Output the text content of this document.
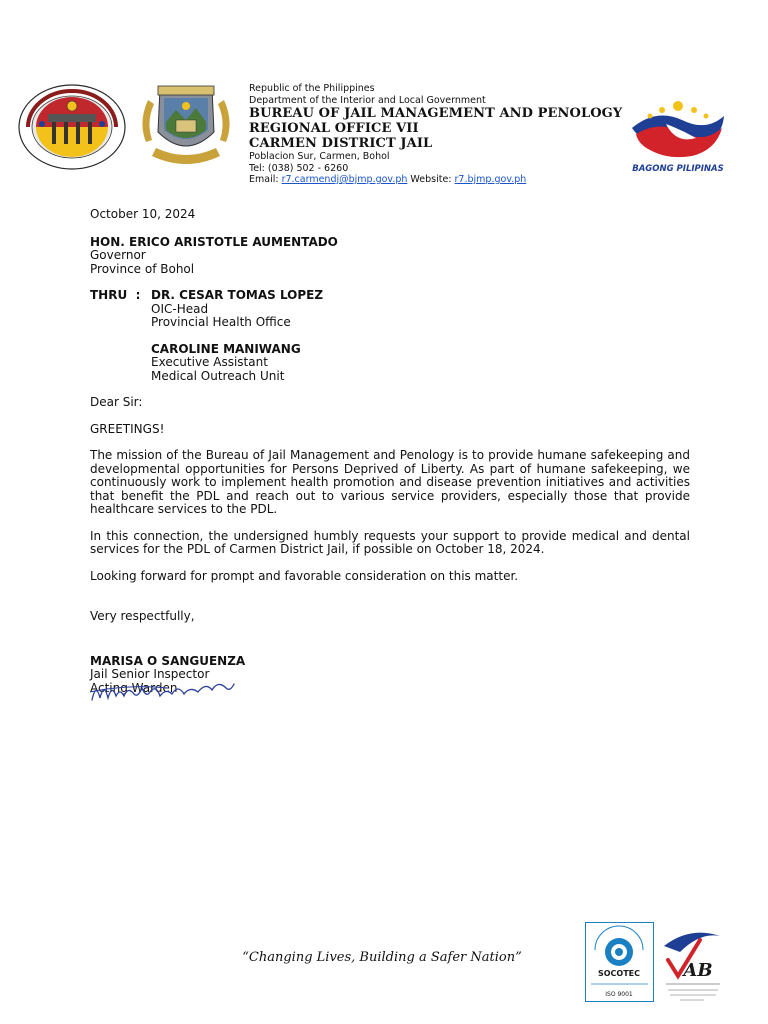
Republic of the Philippines
Department of the Interior and Local Government
BUREAU OF JAIL MANAGEMENT AND PENOLOGY
REGIONAL OFFICE VII
CARMEN DISTRICT JAIL
Poblacion Sur, Carmen, Bohol
Tel: (038) 502 - 6260
Email: r7.carmendj@bjmp.gov.ph Website: r7.bjmp.gov.ph
BAGONG PILIPINAS

October 10, 2024

HON. ERICO ARISTOTLE AUMENTADO

Governor

Province of Bohol

THRU  : DR. CESAR TOMAS LOPEZ

OIC-Head

Provincial Health Office

CAROLINE MANIWANG

Executive Assistant

Medical Outreach Unit

Dear Sir:

GREETINGS!

The mission of the Bureau of Jail Management and Penology is to provide humane safekeeping and developmental opportunities for Persons Deprived of Liberty. As part of humane safekeeping, we continuously work to implement health promotion and disease prevention initiatives and activities that benefit the PDL and reach out to various service providers, especially those that provide healthcare services to the PDL.

In this connection, the undersigned humbly requests your support to provide medical and dental services for the PDL of Carmen District Jail, if possible on October 18, 2024.

Looking forward for prompt and favorable consideration on this matter.

Very respectfully,

MARISA O SANGUENZA

Jail Senior Inspector

Acting Warden

“Changing Lives, Building a Safer Nation”
SOCOTEC
ISO 9001
AB
